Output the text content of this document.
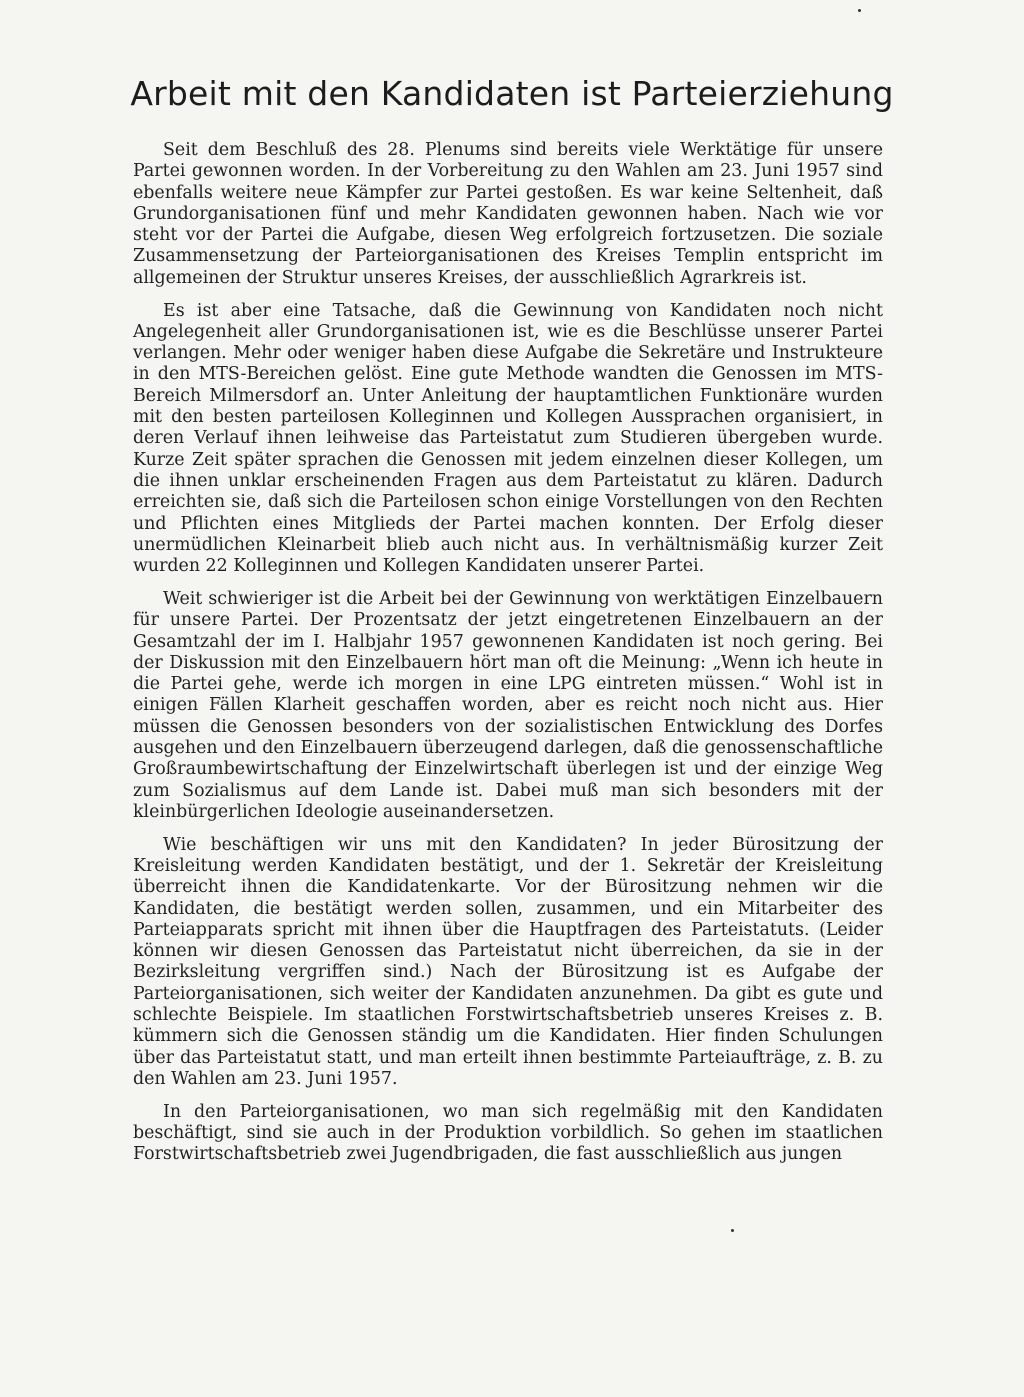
Arbeit mit den Kandidaten ist Parteierziehung

Seit dem Beschluß des 28. Plenums sind bereits viele Werktätige für unsere Partei gewonnen worden. In der Vorbereitung zu den Wahlen am 23. Juni 1957 sind ebenfalls weitere neue Kämpfer zur Partei gestoßen. Es war keine Seltenheit, daß Grundorganisationen fünf und mehr Kandidaten gewonnen haben. Nach wie vor steht vor der Partei die Aufgabe, diesen Weg erfolgreich fortzusetzen. Die soziale Zusammensetzung der Parteiorganisationen des Kreises Templin entspricht im allgemeinen der Struktur unseres Kreises, der ausschließlich Agrarkreis ist.

Es ist aber eine Tatsache, daß die Gewinnung von Kandidaten noch nicht Angelegenheit aller Grundorganisationen ist, wie es die Beschlüsse unserer Partei verlangen. Mehr oder weniger haben diese Aufgabe die Sekretäre und Instrukteure in den MTS-Bereichen gelöst. Eine gute Methode wandten die Genossen im MTS-Bereich Milmersdorf an. Unter Anleitung der hauptamtlichen Funktionäre wurden mit den besten parteilosen Kolleginnen und Kollegen Aussprachen organisiert, in deren Verlauf ihnen leihweise das Parteistatut zum Studieren übergeben wurde. Kurze Zeit später sprachen die Genossen mit jedem einzelnen dieser Kollegen, um die ihnen unklar erscheinenden Fragen aus dem Parteistatut zu klären. Dadurch erreichten sie, daß sich die Parteilosen schon einige Vorstellungen von den Rechten und Pflichten eines Mitglieds der Partei machen konnten. Der Erfolg dieser unermüdlichen Kleinarbeit blieb auch nicht aus. In verhältnismäßig kurzer Zeit wurden 22 Kolleginnen und Kollegen Kandidaten unserer Partei.

Weit schwieriger ist die Arbeit bei der Gewinnung von werktätigen Einzelbauern für unsere Partei. Der Prozentsatz der jetzt eingetretenen Einzelbauern an der Gesamtzahl der im I. Halbjahr 1957 gewonnenen Kandidaten ist noch gering. Bei der Diskussion mit den Einzelbauern hört man oft die Meinung: „Wenn ich heute in die Partei gehe, werde ich morgen in eine LPG eintreten müssen.“ Wohl ist in einigen Fällen Klarheit geschaffen worden, aber es reicht noch nicht aus. Hier müssen die Genossen besonders von der sozialistischen Entwicklung des Dorfes ausgehen und den Einzelbauern überzeugend darlegen, daß die genossenschaftliche Großraumbewirtschaftung der Einzelwirtschaft überlegen ist und der einzige Weg zum Sozialismus auf dem Lande ist. Dabei muß man sich besonders mit der kleinbürgerlichen Ideologie auseinandersetzen.

Wie beschäftigen wir uns mit den Kandidaten? In jeder Bürositzung der Kreisleitung werden Kandidaten bestätigt, und der 1. Sekretär der Kreisleitung überreicht ihnen die Kandidatenkarte. Vor der Bürositzung nehmen wir die Kandidaten, die bestätigt werden sollen, zusammen, und ein Mitarbeiter des Parteiapparats spricht mit ihnen über die Hauptfragen des Parteistatuts. (Leider können wir diesen Genossen das Parteistatut nicht überreichen, da sie in der Bezirksleitung vergriffen sind.) Nach der Bürositzung ist es Aufgabe der Parteiorganisationen, sich weiter der Kandidaten anzunehmen. Da gibt es gute und schlechte Beispiele. Im staatlichen Forstwirtschaftsbetrieb unseres Kreises z. B. kümmern sich die Genossen ständig um die Kandidaten. Hier finden Schulungen über das Parteistatut statt, und man erteilt ihnen bestimmte Parteiaufträge, z. B. zu den Wahlen am 23. Juni 1957.

In den Parteiorganisationen, wo man sich regelmäßig mit den Kandidaten beschäftigt, sind sie auch in der Produktion vorbildlich. So gehen im staatlichen Forstwirtschaftsbetrieb zwei Jugendbrigaden, die fast ausschließlich aus jungen
